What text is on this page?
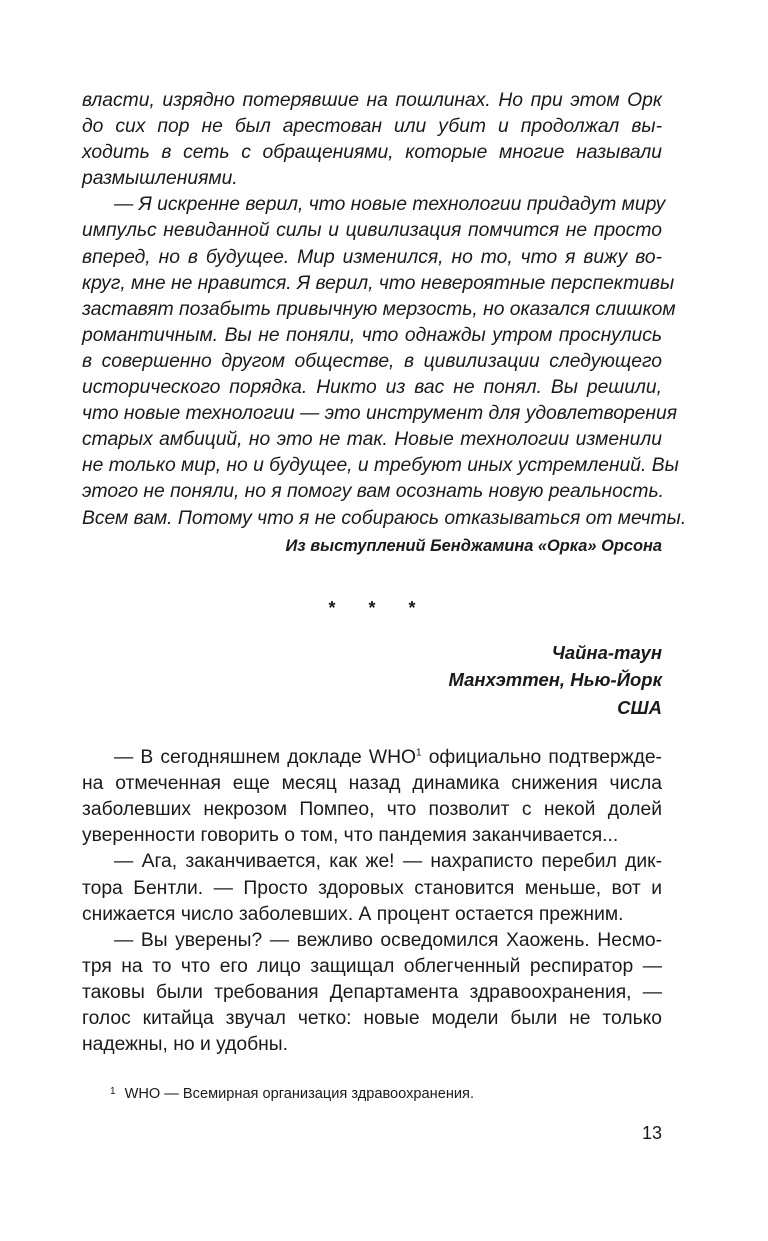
власти, изрядно потерявшие на пошлинах. Но при этом Орк
до сих пор не был арестован или убит и продолжал вы-
ходить в сеть с обращениями, которые многие называли
размышлениями.
— Я искренне верил, что новые технологии придадут миру
импульс невиданной силы и цивилизация помчится не просто
вперед, но в будущее. Мир изменился, но то, что я вижу во-
круг, мне не нравится. Я верил, что невероятные перспективы
заставят позабыть привычную мерзость, но оказался слишком
романтичным. Вы не поняли, что однажды утром проснулись
в совершенно другом обществе, в цивилизации следующего
исторического порядка. Никто из вас не понял. Вы решили,
что новые технологии — это инструмент для удовлетворения
старых амбиций, но это не так. Новые технологии изменили
не только мир, но и будущее, и требуют иных устремлений. Вы
этого не поняли, но я помогу вам осознать новую реальность.
Всем вам. Потому что я не собираюсь отказываться от мечты.
Из выступлений Бенджамина «Орка» Орсона
* * *
Чайна-таун
Манхэттен, Нью-Йорк
США
— В сегодняшнем докладе WHO$^1$ официально подтвержде-
на отмеченная еще месяц назад динамика снижения числа
заболевших некрозом Помпео, что позволит с некой долей
уверенности говорить о том, что пандемия заканчивается...
— Ага, заканчивается, как же! — нахраписто перебил дик-
тора Бентли. — Просто здоровых становится меньше, вот и
снижается число заболевших. А процент остается прежним.
— Вы уверены? — вежливо осведомился Хаожень. Несмо-
тря на то что его лицо защищал облегченный респиратор —
таковы были требования Департамента здравоохранения, —
голос китайца звучал четко: новые модели были не только
надежны, но и удобны.
$^1$ WHO — Всемирная организация здравоохранения.
13
